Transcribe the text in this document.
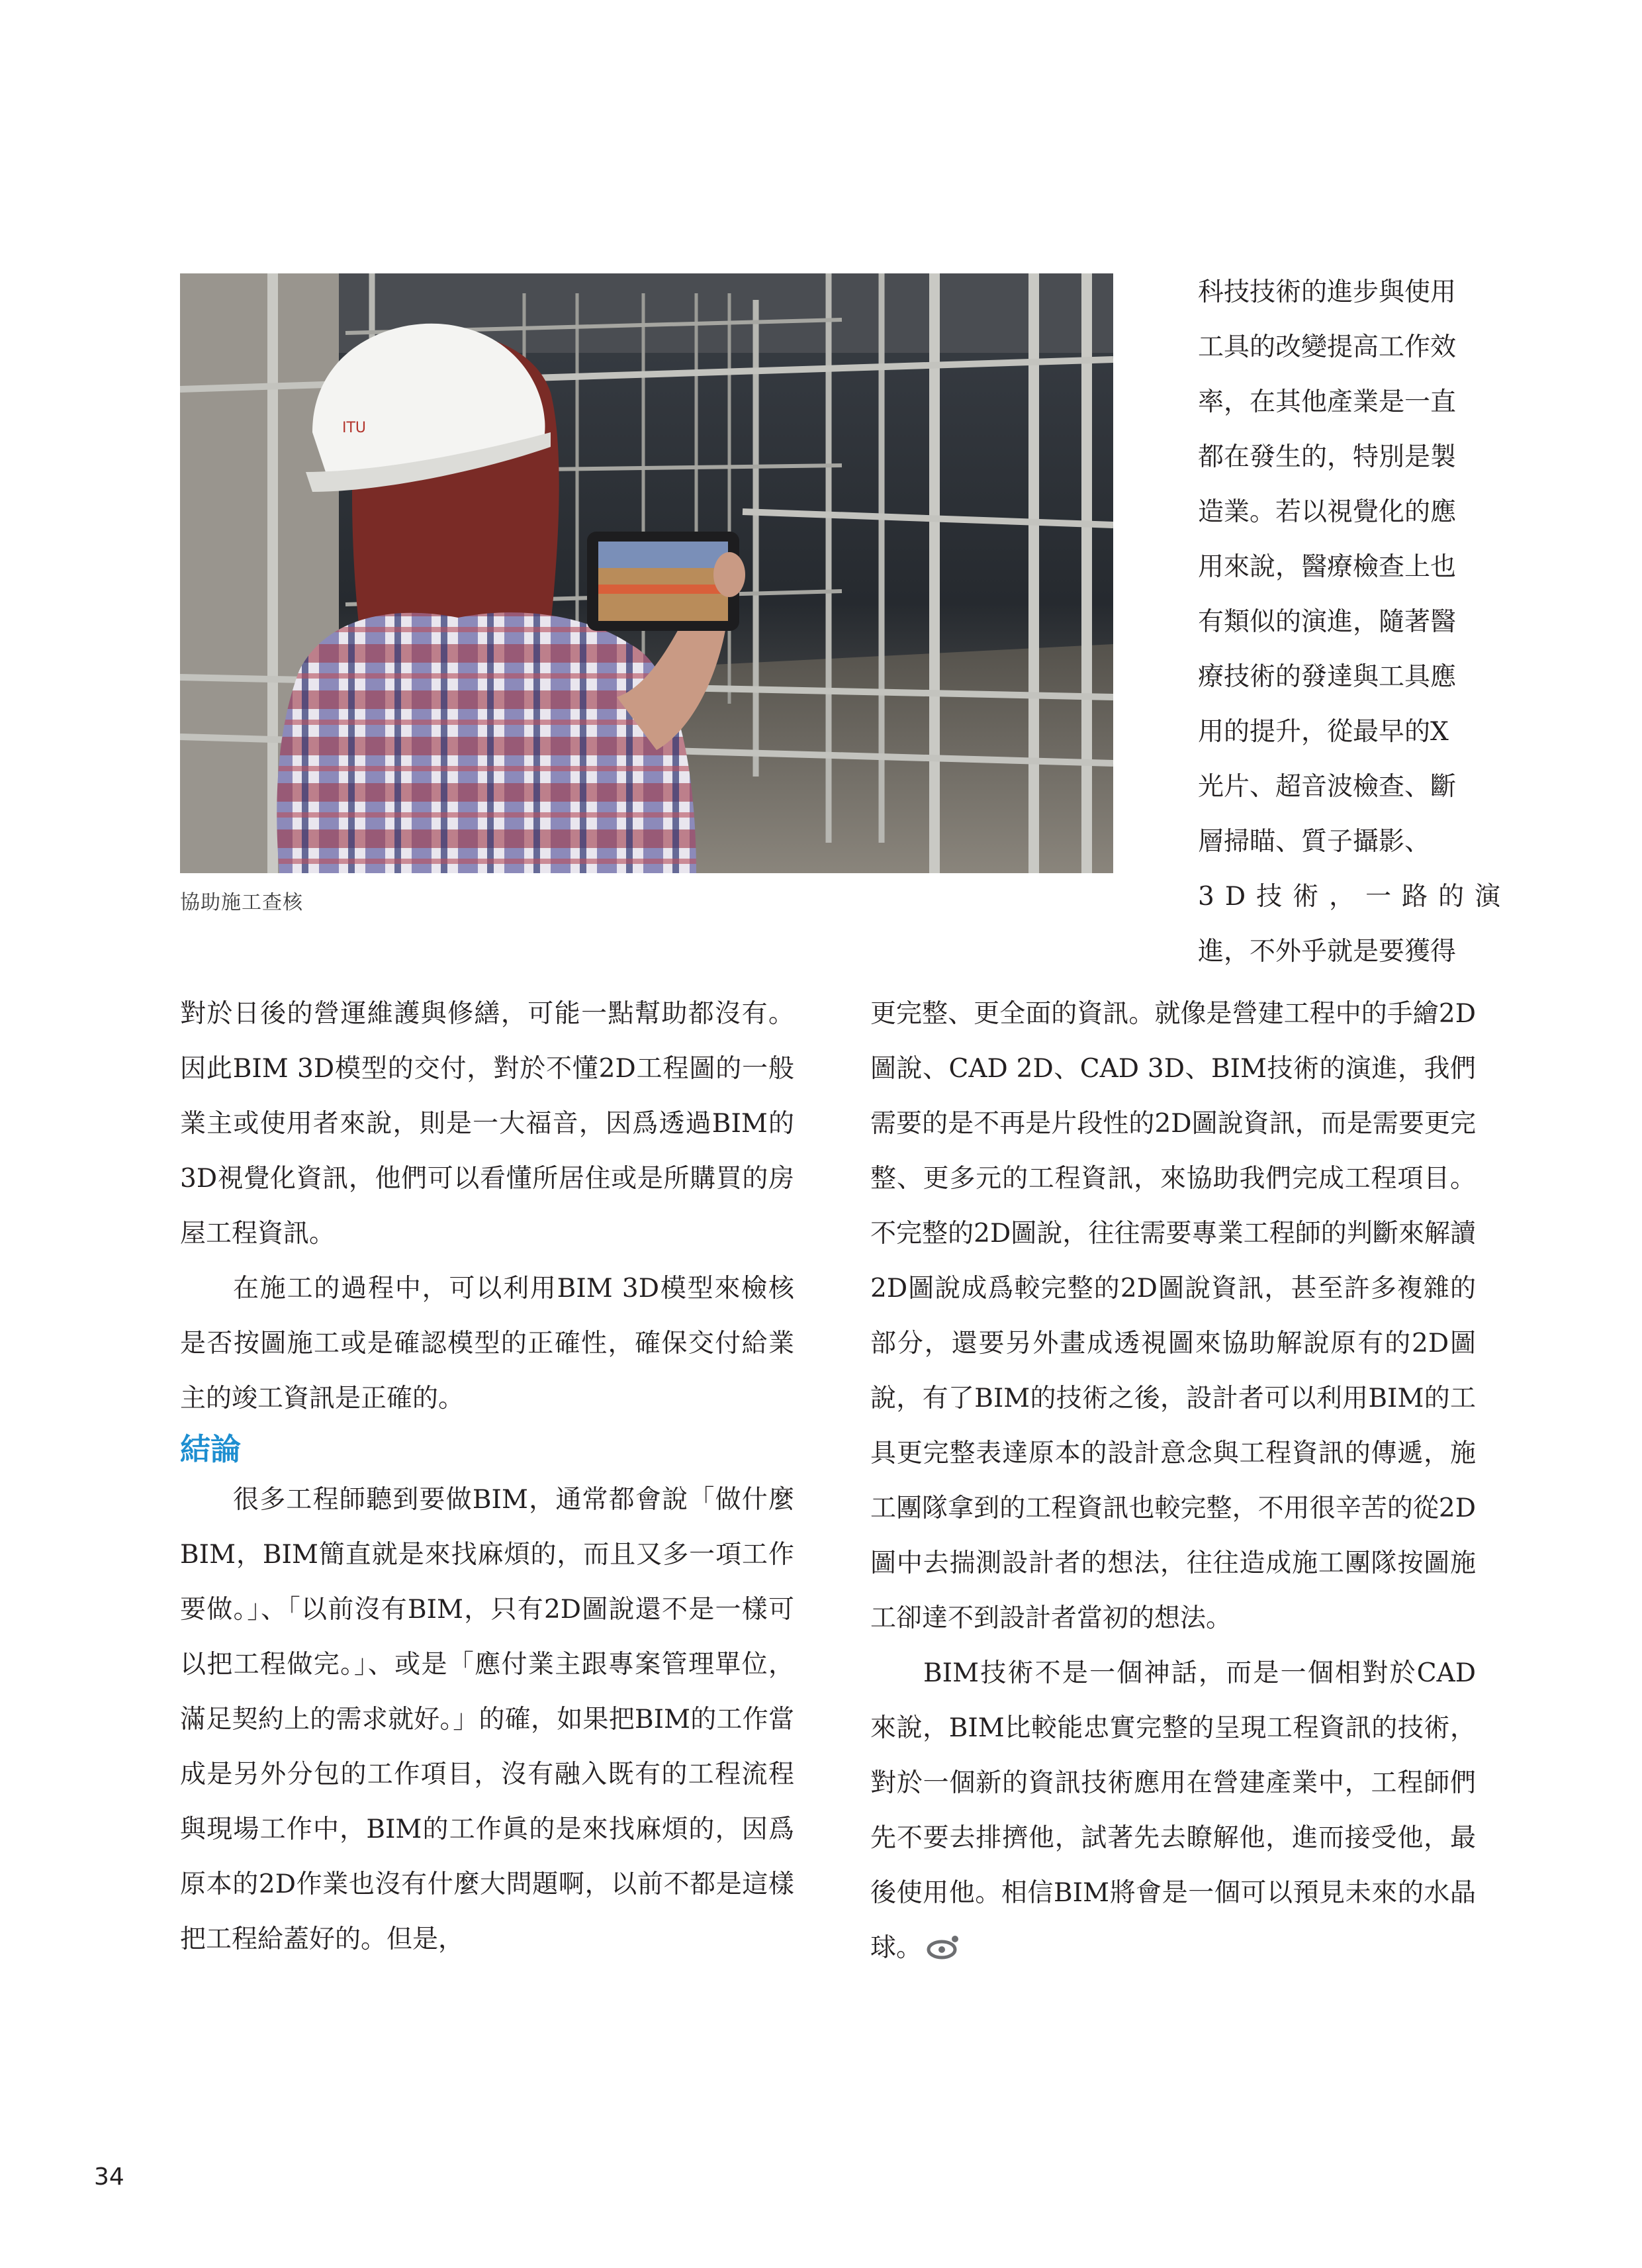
ITU
協助施工查核
科技技術的進步與使用
工具的改變提高工作效
率，在其他產業是一直
都在發生的，特別是製
造業。若以視覺化的應
用來說，醫療檢查上也
有類似的演進，隨著醫
療技術的發達與工具應
用的提升，從最早的X
光片、超音波檢查、斷
層掃瞄、質子攝影、
3D技術，一路的演
進，不外乎就是要獲得

對於日後的營運維護與修繕，可能一點幫助都沒有。因此BIM 3D模型的交付，對於不懂2D工程圖的一般業主或使用者來說，則是一大福音，因爲透過BIM的3D視覺化資訊，他們可以看懂所居住或是所購買的房屋工程資訊。

在施工的過程中，可以利用BIM 3D模型來檢核是否按圖施工或是確認模型的正確性，確保交付給業主的竣工資訊是正確的。

結論

很多工程師聽到要做BIM，通常都會說「做什麼BIM，BIM簡直就是來找麻煩的，而且又多一項工作要做。」、「以前沒有BIM，只有2D圖說還不是一樣可以把工程做完。」、或是「應付業主跟專案管理單位，滿足契約上的需求就好。」的確，如果把BIM的工作當成是另外分包的工作項目，沒有融入既有的工程流程與現場工作中，BIM的工作眞的是來找麻煩的，因爲原本的2D作業也沒有什麼大問題啊，以前不都是這樣把工程給蓋好的。但是，

更完整、更全面的資訊。就像是營建工程中的手繪2D圖說、CAD 2D、CAD 3D、BIM技術的演進，我們需要的是不再是片段性的2D圖說資訊，而是需要更完整、更多元的工程資訊，來協助我們完成工程項目。不完整的2D圖說，往往需要專業工程師的判斷來解讀2D圖說成爲較完整的2D圖說資訊，甚至許多複雜的部分，還要另外畫成透視圖來協助解說原有的2D圖說，有了BIM的技術之後，設計者可以利用BIM的工具更完整表達原本的設計意念與工程資訊的傳遞，施工團隊拿到的工程資訊也較完整，不用很辛苦的從2D圖中去揣測設計者的想法，往往造成施工團隊按圖施工卻達不到設計者當初的想法。

BIM技術不是一個神話，而是一個相對於CAD來說，BIM比較能忠實完整的呈現工程資訊的技術，對於一個新的資訊技術應用在營建產業中，工程師們先不要去排擠他，試著先去瞭解他，進而接受他，最後使用他。相信BIM將會是一個可以預見未來的水晶球。

34
